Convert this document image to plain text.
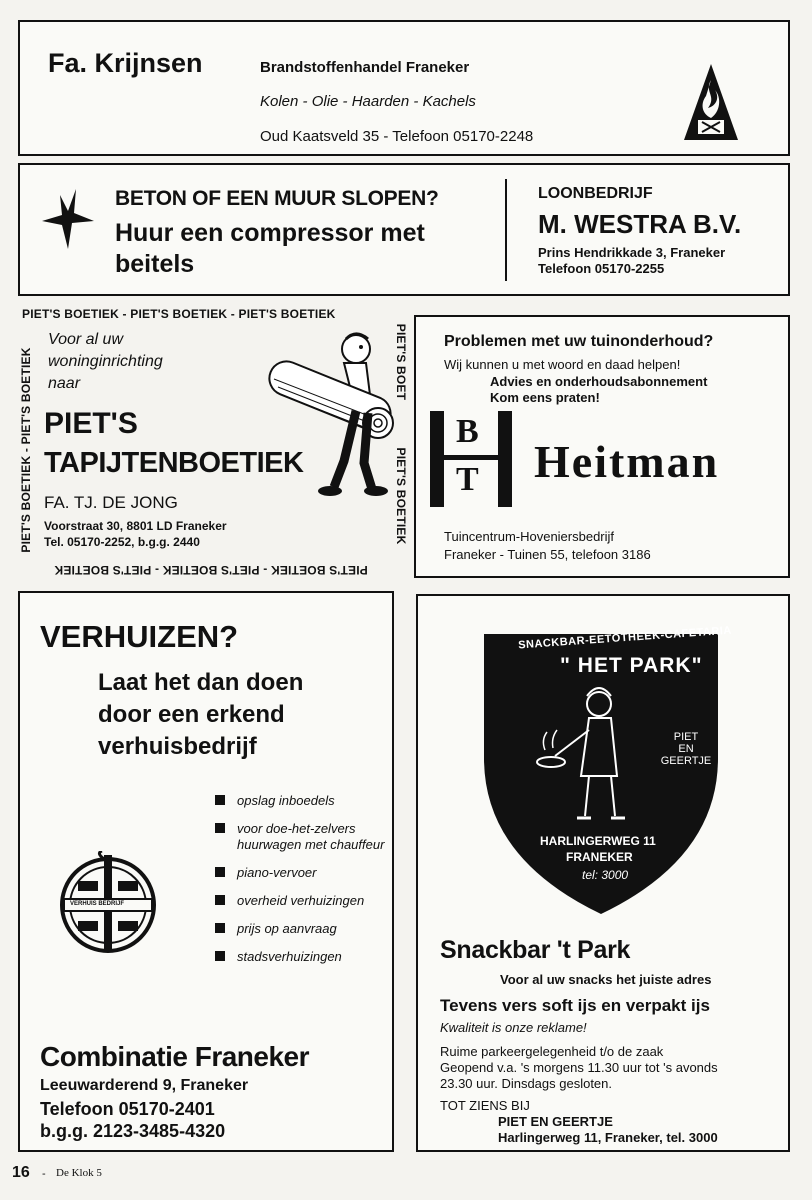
Fa. Krijnsen	Brandstoffenhandel Franeker
Kolen - Olie - Haarden - Kachels
Oud Kaatsveld 35 - Telefoon 05170-2248
BETON OF EEN MUUR SLOPEN?
Huur een compressor met
beitels
LOONBEDRIJF
M. WESTRA B.V.
Prins Hendrikkade 3, Franeker
Telefoon 05170-2255
PIET'S BOETIEK - PIET'S BOETIEK - PIET'S BOETIEK
PIET'S BOETIEK - PIET'S BOETIEK - PIET'S BOETIEK
PIET'S BOETIEK - PIET'S BOETIEK	PIET'S BOET
PIET'S BOETIEK
Voor al uw
woninginrichting
naar
PIET'S
TAPIJTENBOETIEK
FA. TJ. DE JONG
Voorstraat 30, 8801 LD Franeker
Tel. 05170-2252, b.g.g. 2440
Problemen met uw tuinonderhoud?
Wij kunnen u met woord en daad helpen!
Advies en onderhoudsabonnement
Kom eens praten!
B
T Heitman
Tuincentrum-Hoveniersbedrijf
Franeker - Tuinen 55, telefoon 3186
VERHUIZEN?
Laat het dan doen
door een erkend
verhuisbedrijf
opslag inboedels
voor doe-het-zelvers huurwagen met chauffeur
piano-vervoer
overheid verhuizingen
prijs op aanvraag
stadsverhuizingen
VERHUIS BEDRIJF
Combinatie Franeker
Leeuwarderend 9, Franeker
Telefoon 05170-2401
b.g.g. 2123-3485-4320
SNACKBAR-EETOTHEEK-CAFETARIA
" HET PARK"
PIET
EN
GEERTJE
HARLINGERWEG 11
FRANEKER
tel: 3000
Snackbar 't Park
Voor al uw snacks het juiste adres
Tevens vers soft ijs en verpakt ijs
Kwaliteit is onze reklame!
Ruime parkeergelegenheid t/o de zaak
Geopend v.a. 's morgens 11.30 uur tot 's avonds
23.30 uur. Dinsdags gesloten.
TOT ZIENS BIJ
PIET EN GEERTJE
Harlingerweg 11, Franeker, tel. 3000
16 - De Klok 5
